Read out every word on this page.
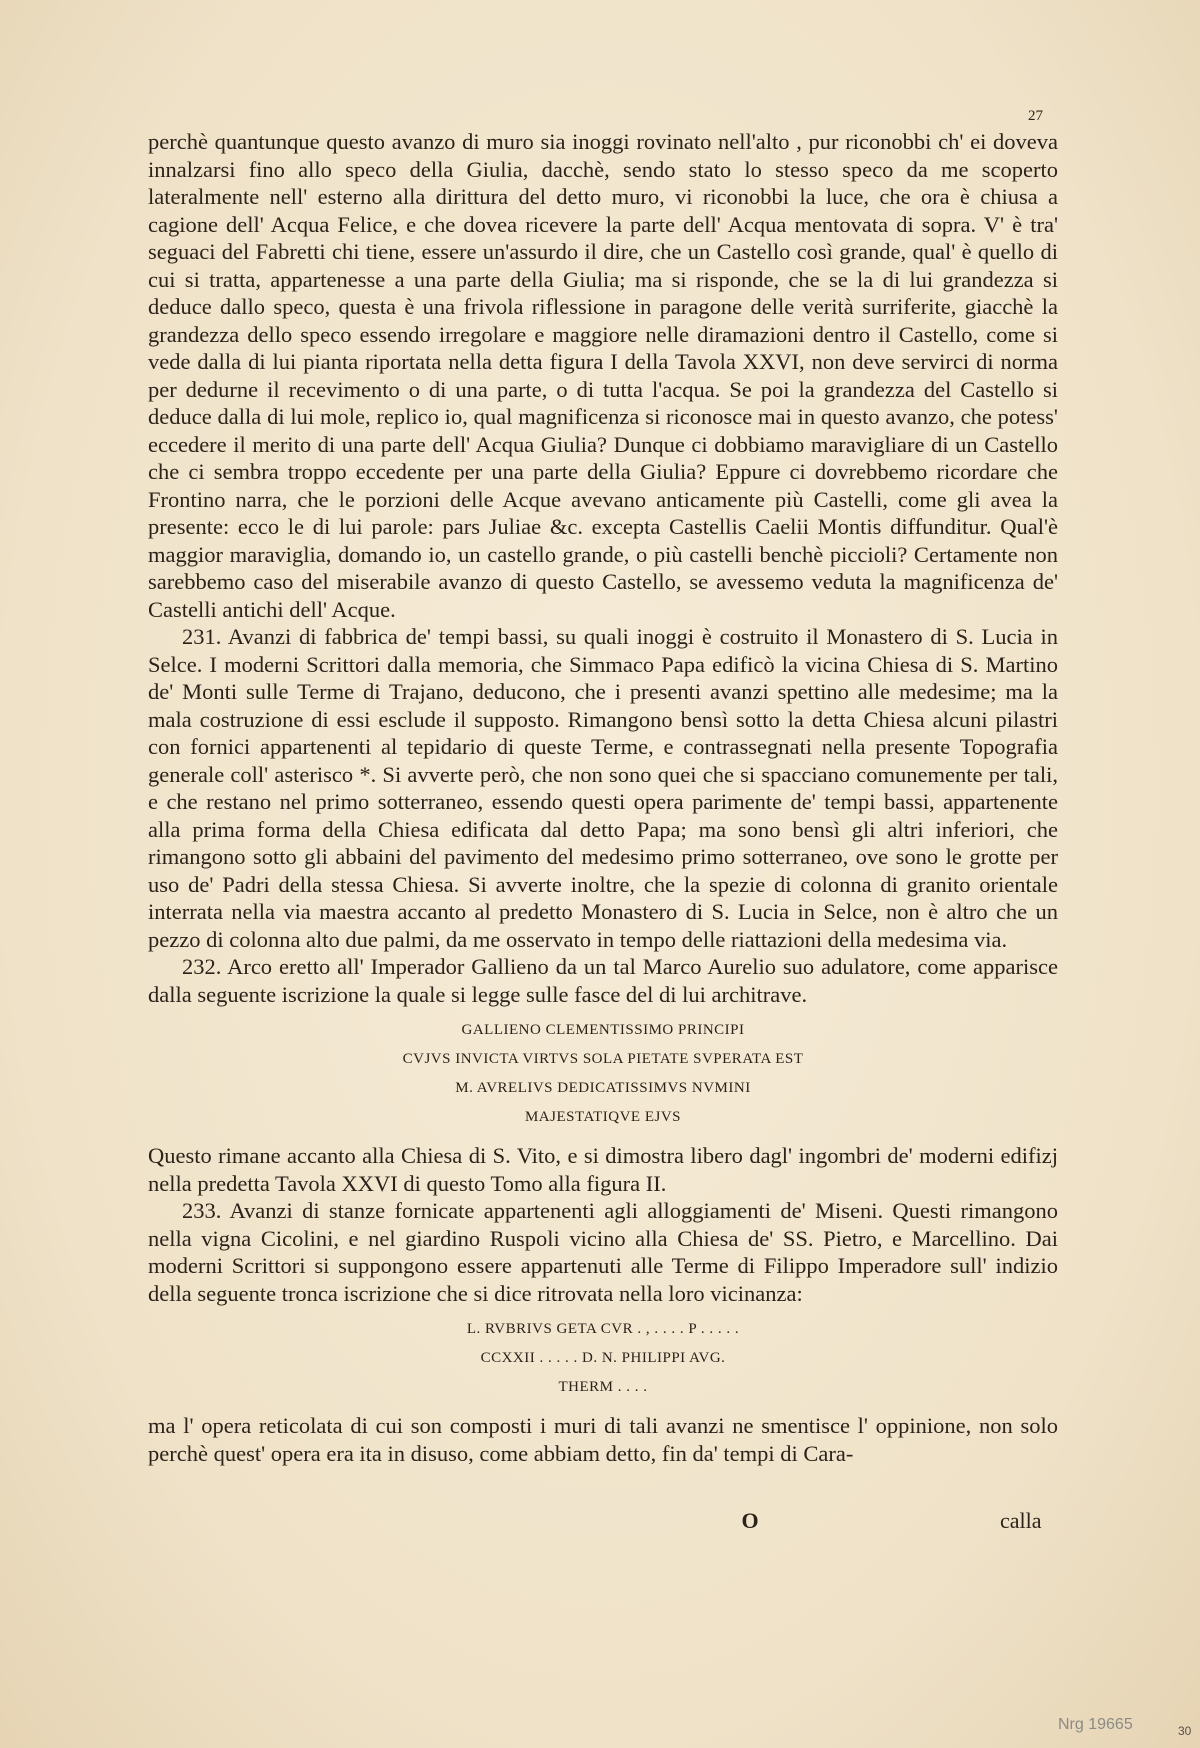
27

perchè quantunque questo avanzo di muro sia inoggi rovinato nell'alto , pur riconobbi ch' ei doveva innalzarsi fino allo speco della Giulia, dacchè, sendo stato lo stesso speco da me scoperto lateralmente nell' esterno alla dirittura del detto muro, vi riconobbi la luce, che ora è chiusa a cagione dell' Acqua Felice, e che dovea ricevere la parte dell' Acqua mentovata di sopra. V' è tra' seguaci del Fabretti chi tiene, essere un'assurdo il dire, che un Castello così grande, qual' è quello di cui si tratta, appartenesse a una parte della Giulia; ma si risponde, che se la di lui grandezza si deduce dallo speco, questa è una frivola riflessione in paragone delle verità surriferite, giacchè la grandezza dello speco essendo irregolare e maggiore nelle diramazioni dentro il Castello, come si vede dalla di lui pianta riportata nella detta figura I della Tavola XXVI, non deve servirci di norma per dedurne il recevimento o di una parte, o di tutta l'acqua. Se poi la grandezza del Castello si deduce dalla di lui mole, replico io, qual magnificenza si riconosce mai in questo avanzo, che potess' eccedere il merito di una parte dell' Acqua Giulia? Dunque ci dobbiamo maravigliare di un Castello che ci sembra troppo eccedente per una parte della Giulia? Eppure ci dovrebbemo ricordare che Frontino narra, che le porzioni delle Acque avevano anticamente più Castelli, come gli avea la presente: ecco le di lui parole: pars Juliae &c. excepta Castellis Caelii Montis diffunditur. Qual'è maggior maraviglia, domando io, un castello grande, o più castelli benchè piccioli? Certamente non sarebbemo caso del miserabile avanzo di questo Castello, se avessemo veduta la magnificenza de' Castelli antichi dell' Acque.

231. Avanzi di fabbrica de' tempi bassi, su quali inoggi è costruito il Monastero di S. Lucia in Selce. I moderni Scrittori dalla memoria, che Simmaco Papa edificò la vicina Chiesa di S. Martino de' Monti sulle Terme di Trajano, deducono, che i presenti avanzi spettino alle medesime; ma la mala costruzione di essi esclude il supposto. Rimangono bensì sotto la detta Chiesa alcuni pilastri con fornici appartenenti al tepidario di queste Terme, e contrassegnati nella presente Topografia generale coll' asterisco *. Si avverte però, che non sono quei che si spacciano comunemente per tali, e che restano nel primo sotterraneo, essendo questi opera parimente de' tempi bassi, appartenente alla prima forma della Chiesa edificata dal detto Papa; ma sono bensì gli altri inferiori, che rimangono sotto gli abbaini del pavimento del medesimo primo sotterraneo, ove sono le grotte per uso de' Padri della stessa Chiesa. Si avverte inoltre, che la spezie di colonna di granito orientale interrata nella via maestra accanto al predetto Monastero di S. Lucia in Selce, non è altro che un pezzo di colonna alto due palmi, da me osservato in tempo delle riattazioni della medesima via.

232. Arco eretto all' Imperador Gallieno da un tal Marco Aurelio suo adulatore, come apparisce dalla seguente iscrizione la quale si legge sulle fasce del di lui architrave.

GALLIENO CLEMENTISSIMO PRINCIPI
CVJVS INVICTA VIRTVS SOLA PIETATE SVPERATA EST
M. AVRELIVS DEDICATISSIMVS NVMINI
MAJESTATIQVE EJVS

Questo rimane accanto alla Chiesa di S. Vito, e si dimostra libero dagl' ingombri de' moderni edifizj nella predetta Tavola XXVI di questo Tomo alla figura II.

233. Avanzi di stanze fornicate appartenenti agli alloggiamenti de' Miseni. Questi rimangono nella vigna Cicolini, e nel giardino Ruspoli vicino alla Chiesa de' SS. Pietro, e Marcellino. Dai moderni Scrittori si suppongono essere appartenuti alle Terme di Filippo Imperadore sull' indizio della seguente tronca iscrizione che si dice ritrovata nella loro vicinanza:

L. RVBRIVS GETA CVR . , . . . . P . . . . .
CCXXII . . . . . D. N. PHILIPPI AVG.
THERM . . . .

ma l' opera reticolata di cui son composti i muri di tali avanzi ne smentisce l' oppinione, non solo perchè quest' opera era ita in disuso, come abbiam detto, fin da' tempi di Cara-

O	calla
Nrg 19665	30
